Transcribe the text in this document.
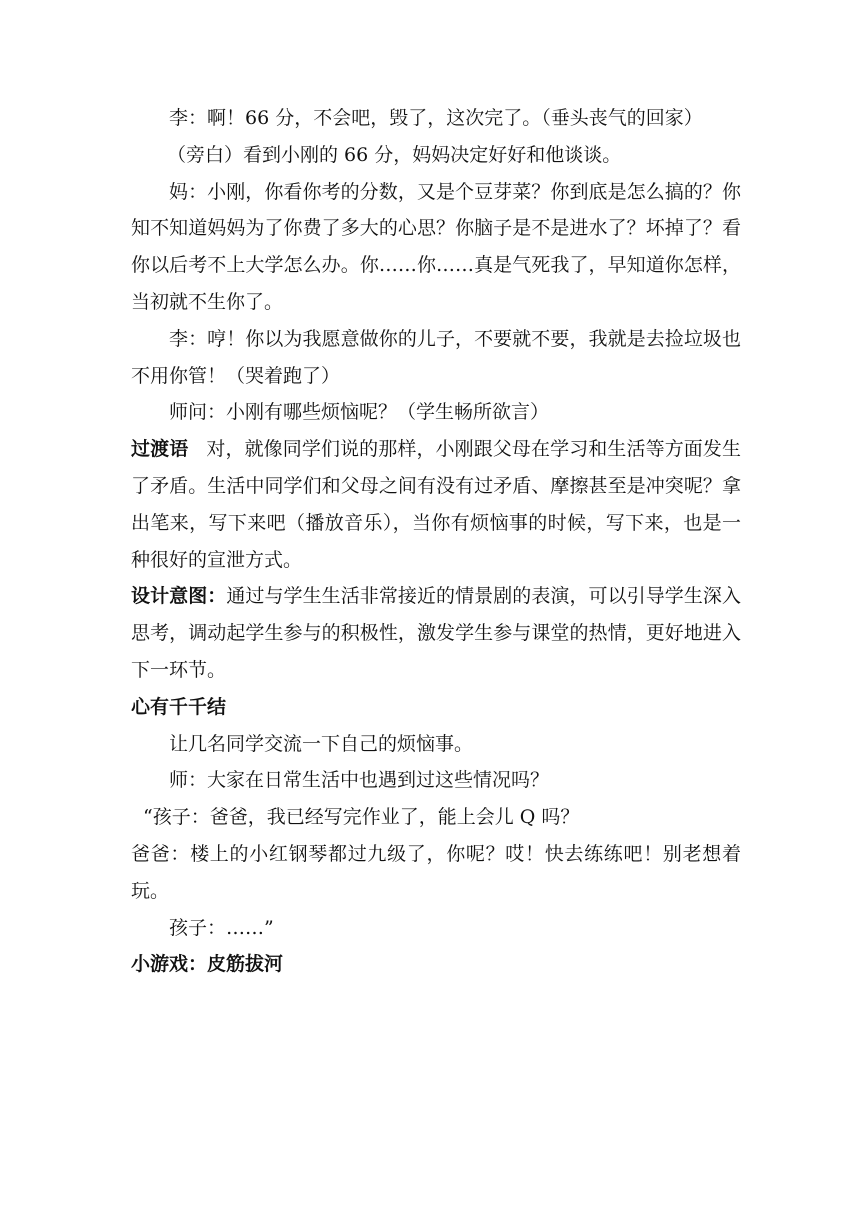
李：啊！66 分，不会吧，毁了，这次完了。（垂头丧气的回家）

（旁白）看到小刚的 66 分，妈妈决定好好和他谈谈。

妈：小刚，你看你考的分数，又是个豆芽菜？你到底是怎么搞的？你知不知道妈妈为了你费了多大的心思？你脑子是不是进水了？坏掉了？看你以后考不上大学怎么办。你……你……真是气死我了，早知道你怎样，当初就不生你了。

李：哼！你以为我愿意做你的儿子，不要就不要，我就是去捡垃圾也不用你管！（哭着跑了）

师问：小刚有哪些烦恼呢？（学生畅所欲言）

过渡语 对，就像同学们说的那样，小刚跟父母在学习和生活等方面发生了矛盾。生活中同学们和父母之间有没有过矛盾、摩擦甚至是冲突呢？拿出笔来，写下来吧（播放音乐），当你有烦恼事的时候，写下来，也是一种很好的宣泄方式。

设计意图：通过与学生生活非常接近的情景剧的表演，可以引导学生深入思考，调动起学生参与的积极性，激发学生参与课堂的热情，更好地进入下一环节。

心有千千结

让几名同学交流一下自己的烦恼事。

师：大家在日常生活中也遇到过这些情况吗？

“孩子：爸爸，我已经写完作业了，能上会儿 Q 吗？

爸爸：楼上的小红钢琴都过九级了，你呢？哎！快去练练吧！别老想着玩。

孩子：……”

小游戏：皮筋拔河
